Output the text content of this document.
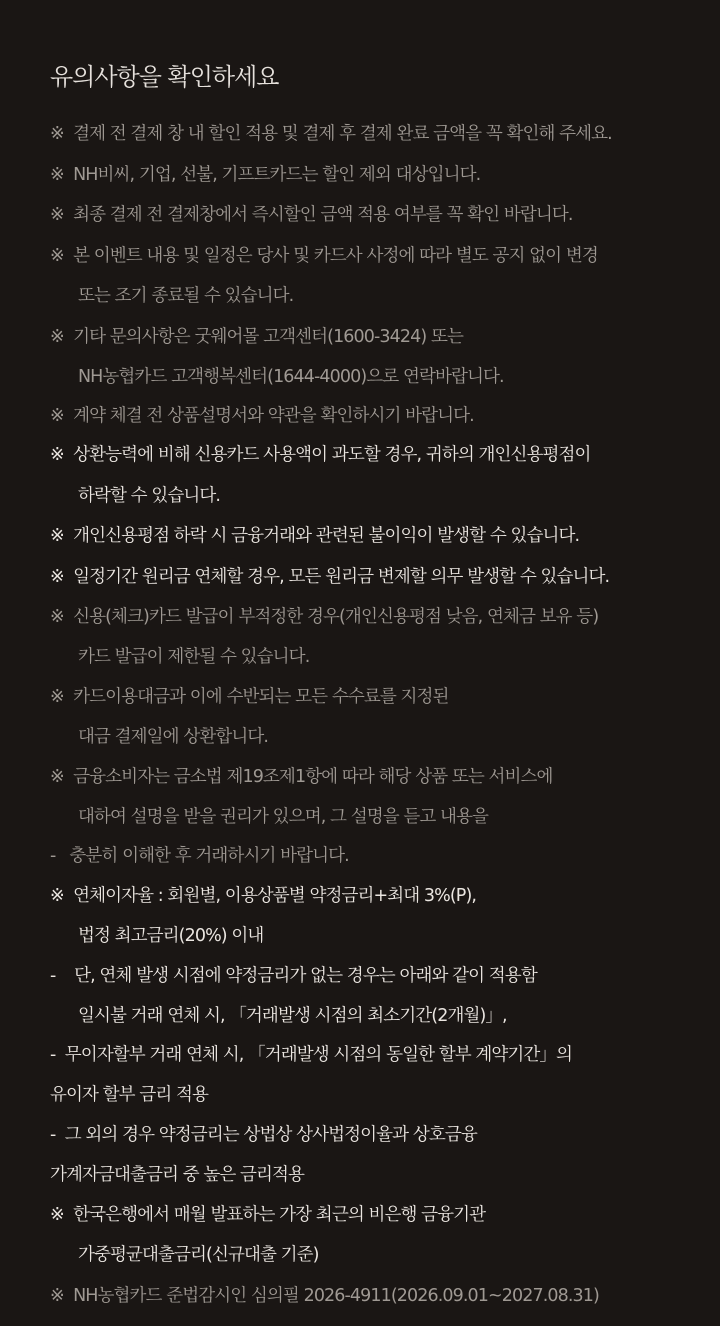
유의사항을 확인하세요
※  결제 전 결제 창 내 할인 적용 및 결제 후 결제 완료 금액을 꼭 확인해 주세요.
※  NH비씨, 기업, 선불, 기프트카드는 할인 제외 대상입니다.
※  최종 결제 전 결제창에서 즉시할인 금액 적용 여부를 꼭 확인 바랍니다.
※  본 이벤트 내용 및 일정은 당사 및 카드사 사정에 따라 별도 공지 없이 변경
또는 조기 종료될 수 있습니다.
※  기타 문의사항은 굿웨어몰 고객센터(1600-3424) 또는
NH농협카드 고객행복센터(1644-4000)으로 연락바랍니다.
※  계약 체결 전 상품설명서와 약관을 확인하시기 바랍니다.
※  상환능력에 비해 신용카드 사용액이 과도할 경우, 귀하의 개인신용평점이
하락할 수 있습니다.
※  개인신용평점 하락 시 금융거래와 관련된 불이익이 발생할 수 있습니다.
※  일정기간 원리금 연체할 경우, 모든 원리금 변제할 의무 발생할 수 있습니다.
※  신용(체크)카드 발급이 부적정한 경우(개인신용평점 낮음, 연체금 보유 등)
카드 발급이 제한될 수 있습니다.
※  카드이용대금과 이에 수반되는 모든 수수료를 지정된
대금 결제일에 상환합니다.
※  금융소비자는 금소법 제19조제1항에 따라 해당 상품 또는 서비스에
대하여 설명을 받을 권리가 있으며, 그 설명을 듣고 내용을
-   충분히 이해한 후 거래하시기 바랍니다.
※  연체이자율 : 회원별, 이용상품별 약정금리+최대 3%(P),
법정 최고금리(20%) 이내
-    단, 연체 발생 시점에 약정금리가 없는 경우는 아래와 같이 적용함
일시불 거래 연체 시, 「거래발생 시점의 최소기간(2개월)」,
-  무이자할부 거래 연체 시, 「거래발생 시점의 동일한 할부 계약기간」의
유이자 할부 금리 적용
-  그 외의 경우 약정금리는 상법상 상사법정이율과 상호금융
가계자금대출금리 중 높은 금리적용
※  한국은행에서 매월 발표하는 가장 최근의 비은행 금융기관
가중평균대출금리(신규대출 기준)
※  NH농협카드 준법감시인 심의필 2026-4911(2026.09.01~2027.08.31)
